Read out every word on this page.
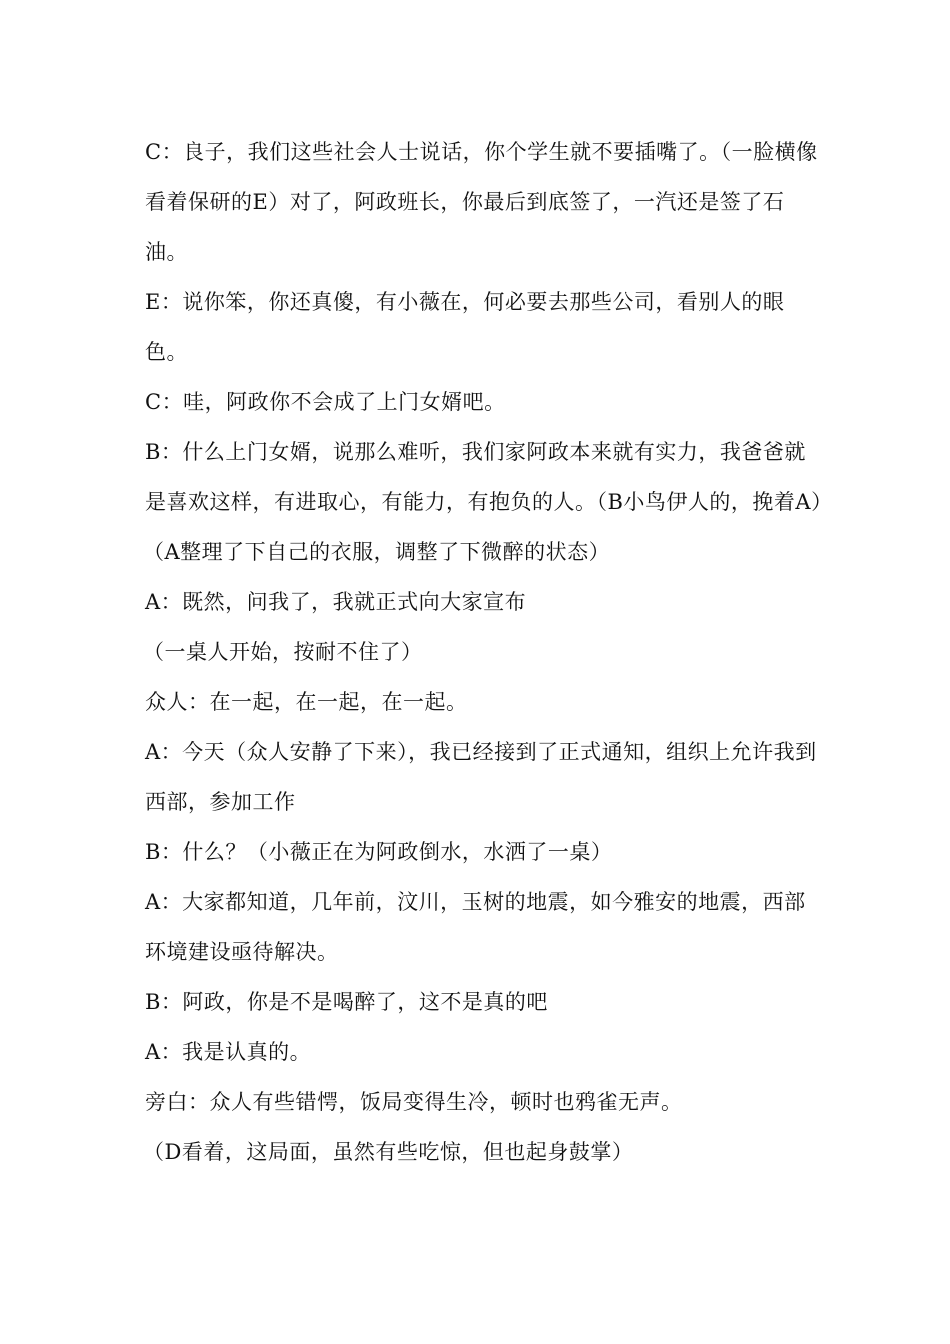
C：良子，我们这些社会人士说话，你个学生就不要插嘴了。（一脸横像看着保研的E）对了，阿政班长，你最后到底签了，一汽还是签了石油。

E：说你笨，你还真傻，有小薇在，何必要去那些公司，看别人的眼色。

C：哇，阿政你不会成了上门女婿吧。

B：什么上门女婿，说那么难听，我们家阿政本来就有实力，我爸爸就是喜欢这样，有进取心，有能力，有抱负的人。（B小鸟伊人的，挽着A）

（A整理了下自己的衣服，调整了下微醉的状态）

A：既然，问我了，我就正式向大家宣布

（一桌人开始，按耐不住了）

众人：在一起，在一起，在一起。

A：今天（众人安静了下来），我已经接到了正式通知，组织上允许我到西部，参加工作

B：什么？（小薇正在为阿政倒水，水洒了一桌）

A：大家都知道，几年前，汶川，玉树的地震，如今雅安的地震，西部环境建设亟待解决。

B：阿政，你是不是喝醉了，这不是真的吧

A：我是认真的。

旁白：众人有些错愕，饭局变得生冷，顿时也鸦雀无声。

（D看着，这局面，虽然有些吃惊，但也起身鼓掌）
